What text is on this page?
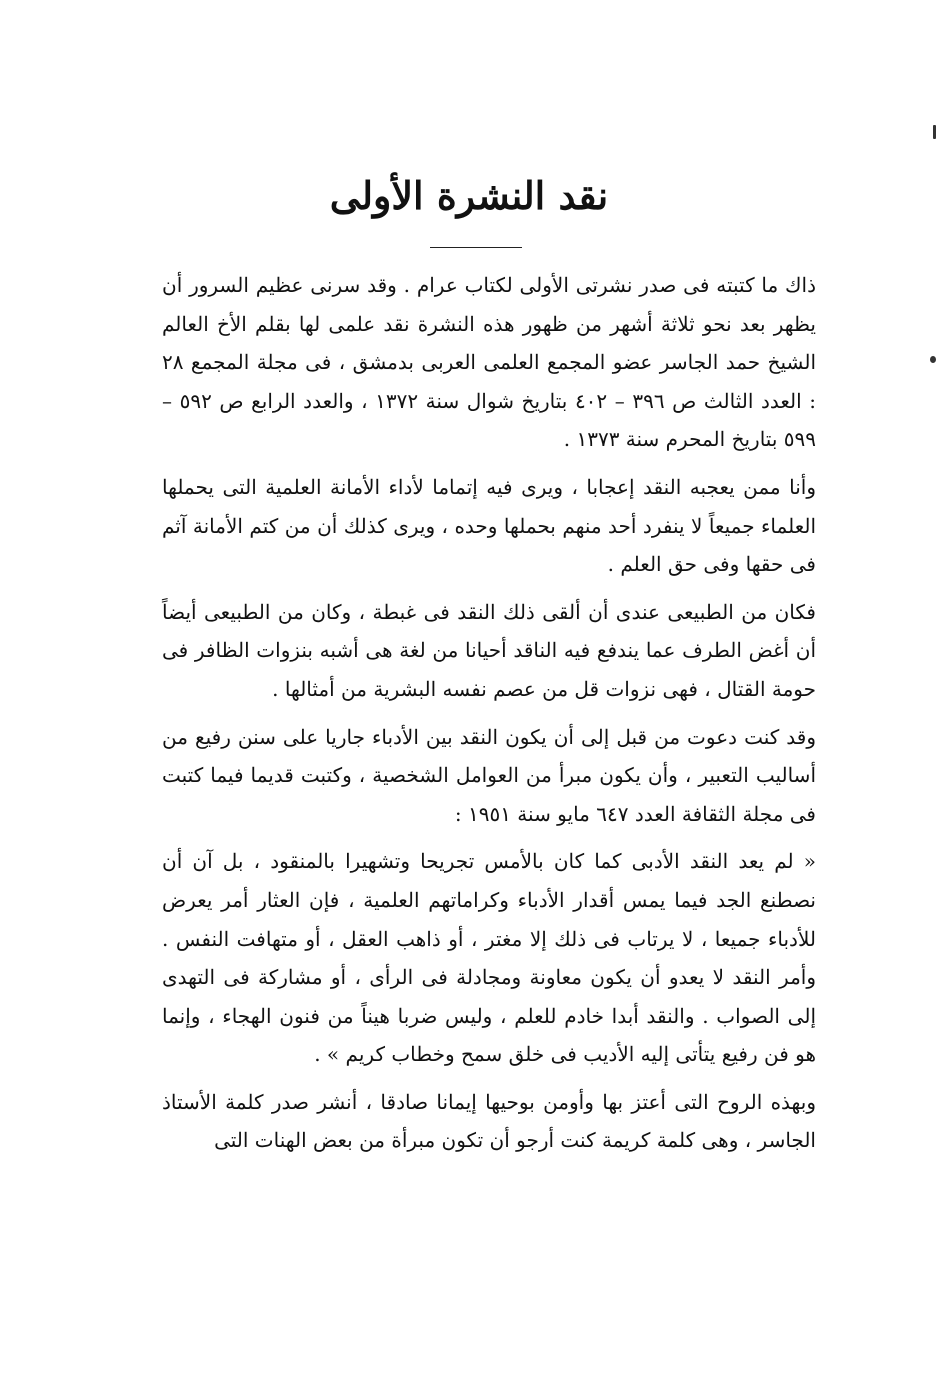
نقد النشرة الأولى

ذاك ما كتبته فى صدر نشرتى الأولى لكتاب عرام . وقد سرنى عظيم السرور أن يظهر بعد نحو ثلاثة أشهر من ظهور هذه النشرة نقد علمى لها بقلم الأخ العالم الشيخ حمد الجاسر عضو المجمع العلمى العربى بدمشق ، فى مجلة المجمع ٢٨ : العدد الثالث ص ٣٩٦ – ٤٠٢ بتاريخ شوال سنة ١٣٧٢ ، والعدد الرابع ص ٥٩٢ – ٥٩٩ بتاريخ المحرم سنة ١٣٧٣ .

وأنا ممن يعجبه النقد إعجابا ، ويرى فيه إتماما لأداء الأمانة العلمية التى يحملها العلماء جميعاً لا ينفرد أحد منهم بحملها وحده ، ويرى كذلك أن من كتم الأمانة آثم فى حقها وفى حق العلم .

فكان من الطبيعى عندى أن ألقى ذلك النقد فى غبطة ، وكان من الطبيعى أيضاً أن أغض الطرف عما يندفع فيه الناقد أحيانا من لغة هى أشبه بنزوات الظافر فى حومة القتال ، فهى نزوات قل من عصم نفسه البشرية من أمثالها .

وقد كنت دعوت من قبل إلى أن يكون النقد بين الأدباء جاريا على سنن رفيع من أساليب التعبير ، وأن يكون مبرأ من العوامل الشخصية ، وكتبت قديما فيما كتبت فى مجلة الثقافة العدد ٦٤٧ مايو سنة ١٩٥١ :

« لم يعد النقد الأدبى كما كان بالأمس تجريحا وتشهيرا بالمنقود ، بل آن أن نصطنع الجد فيما يمس أقدار الأدباء وكراماتهم العلمية ، فإن العثار أمر يعرض للأدباء جميعا ، لا يرتاب فى ذلك إلا مغتر ، أو ذاهب العقل ، أو متهافت النفس . وأمر النقد لا يعدو أن يكون معاونة ومجادلة فى الرأى ، أو مشاركة فى التهدى إلى الصواب . والنقد أبدا خادم للعلم ، وليس ضربا هيناً من فنون الهجاء ، وإنما هو فن رفيع يتأتى إليه الأديب فى خلق سمح وخطاب كريم » .

وبهذه الروح التى أعتز بها وأومن بوحيها إيمانا صادقا ، أنشر صدر كلمة الأستاذ الجاسر ، وهى كلمة كريمة كنت أرجو أن تكون مبرأة من بعض الهنات التى
